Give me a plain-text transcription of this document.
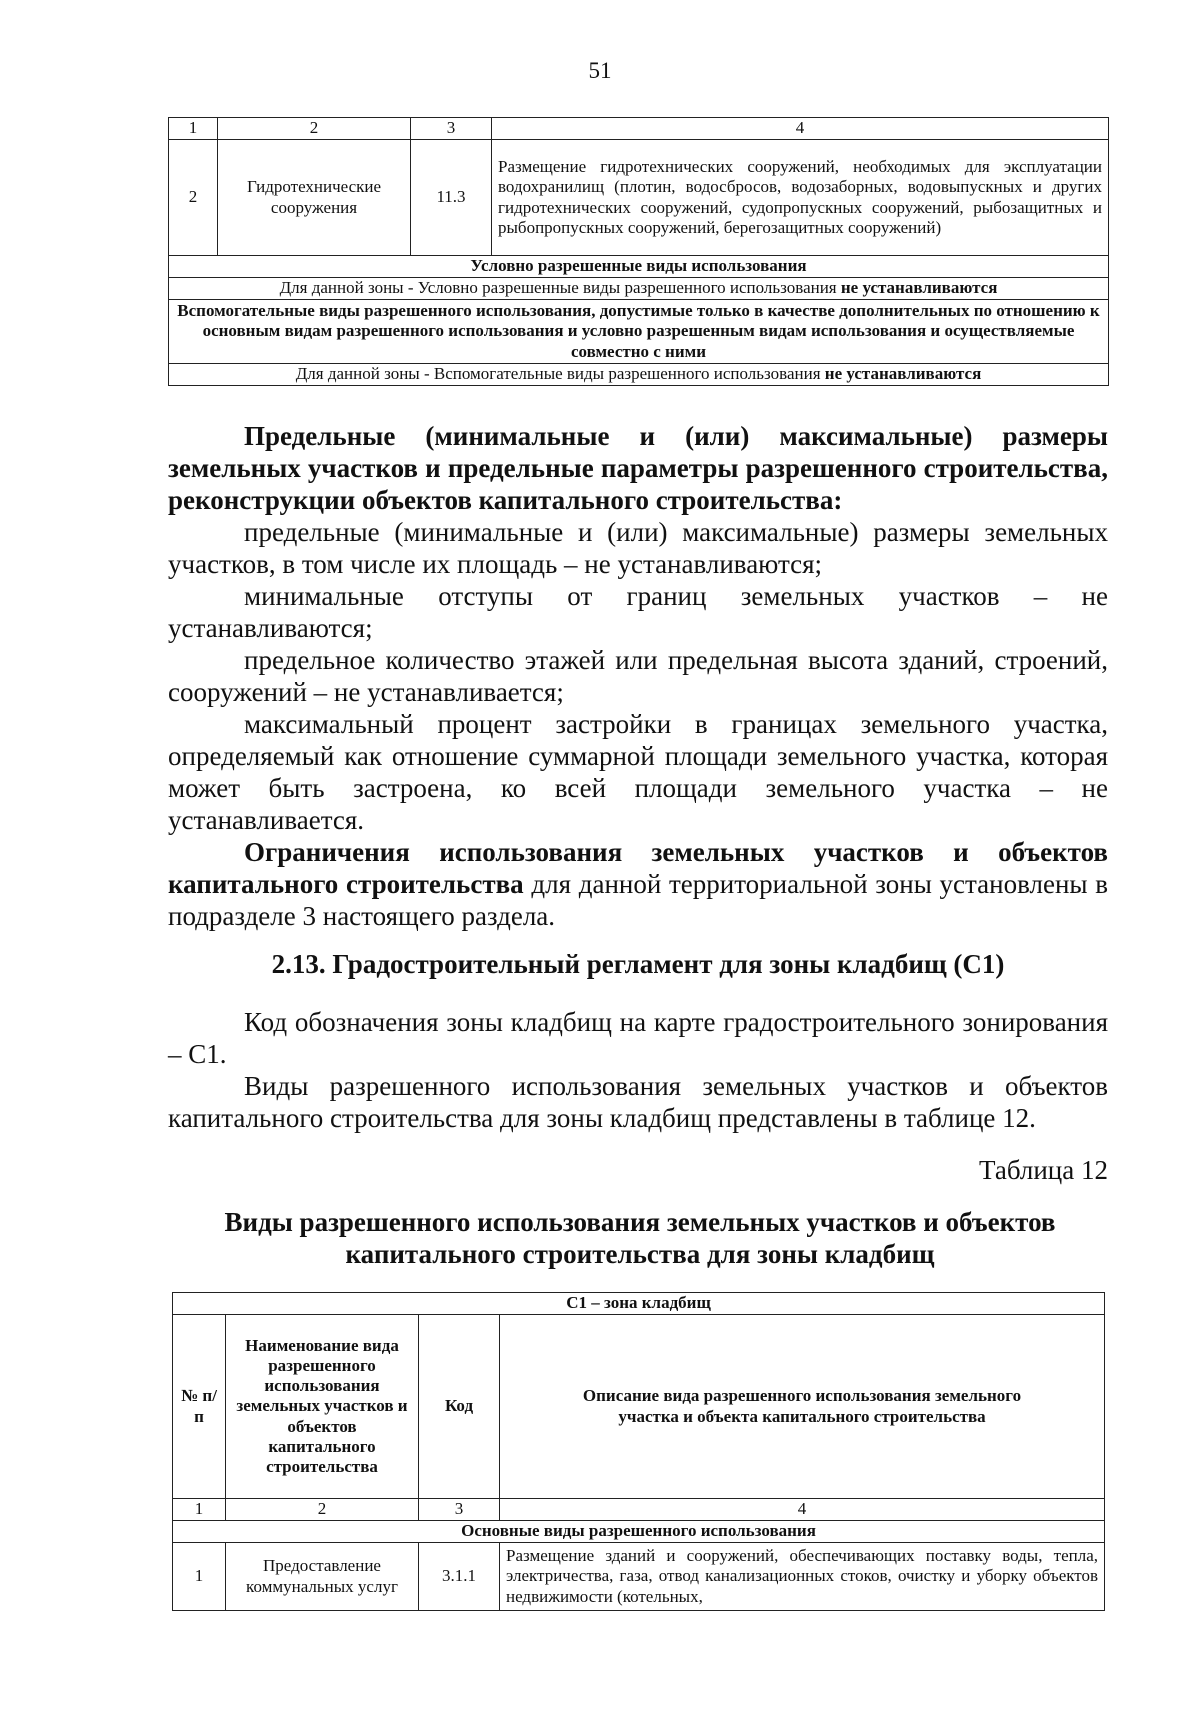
51
1	2	3	4
2	Гидротехнические сооружения	11.3	Размещение гидротехнических сооружений, необходимых для эксплуатации водохранилищ (плотин, водосбросов, водозаборных, водовыпускных и других гидротехнических сооружений, судопропускных сооружений, рыбозащитных и рыбопропускных сооружений, берегозащитных сооружений)
Условно разрешенные виды использования			
Для данной зоны - Условно разрешенные виды разрешенного использования не устанавливаются			
Вспомогательные виды разрешенного использования, допустимые только в качестве дополнительных по отношению к основным видам разрешенного использования и условно разрешенным видам использования и осуществляемые совместно с ними			
Для данной зоны - Вспомогательные виды разрешенного использования не устанавливаются			

Предельные (минимальные и (или) максимальные) размеры земельных участков и предельные параметры разрешенного строительства, реконструкции объектов капитального строительства:

предельные (минимальные и (или) максимальные) размеры земельных участков, в том числе их площадь – не устанавливаются;

минимальные отступы от границ земельных участков – не устанавливаются;

предельное количество этажей или предельная высота зданий, строений, сооружений – не устанавливается;

максимальный процент застройки в границах земельного участка, определяемый как отношение суммарной площади земельного участка, которая может быть застроена, ко всей площади земельного участка – не устанавливается.

Ограничения использования земельных участков и объектов капитального строительства для данной территориальной зоны установлены в подразделе 3 настоящего раздела.

2.13. Градостроительный регламент для зоны кладбищ (С1)

Код обозначения зоны кладбищ на карте градостроительного зонирования – С1.

Виды разрешенного использования земельных участков и объектов капитального строительства для зоны кладбищ представлены в таблице 12.

Таблица 12
Виды разрешенного использования земельных участков и объектов капитального строительства для зоны кладбищ
С1 – зона кладбищ			
№ п/п	Наименование вида разрешенного использования земельных участков и объектов капитального строительства	Код	Описание вида разрешенного использования земельного участка и объекта капитального строительства
1	2	3	4
Основные виды разрешенного использования			
1	Предоставление коммунальных услуг	3.1.1	Размещение зданий и сооружений, обеспечивающих поставку воды, тепла, электричества, газа, отвод канализационных стоков, очистку и уборку объектов недвижимости (котельных,
